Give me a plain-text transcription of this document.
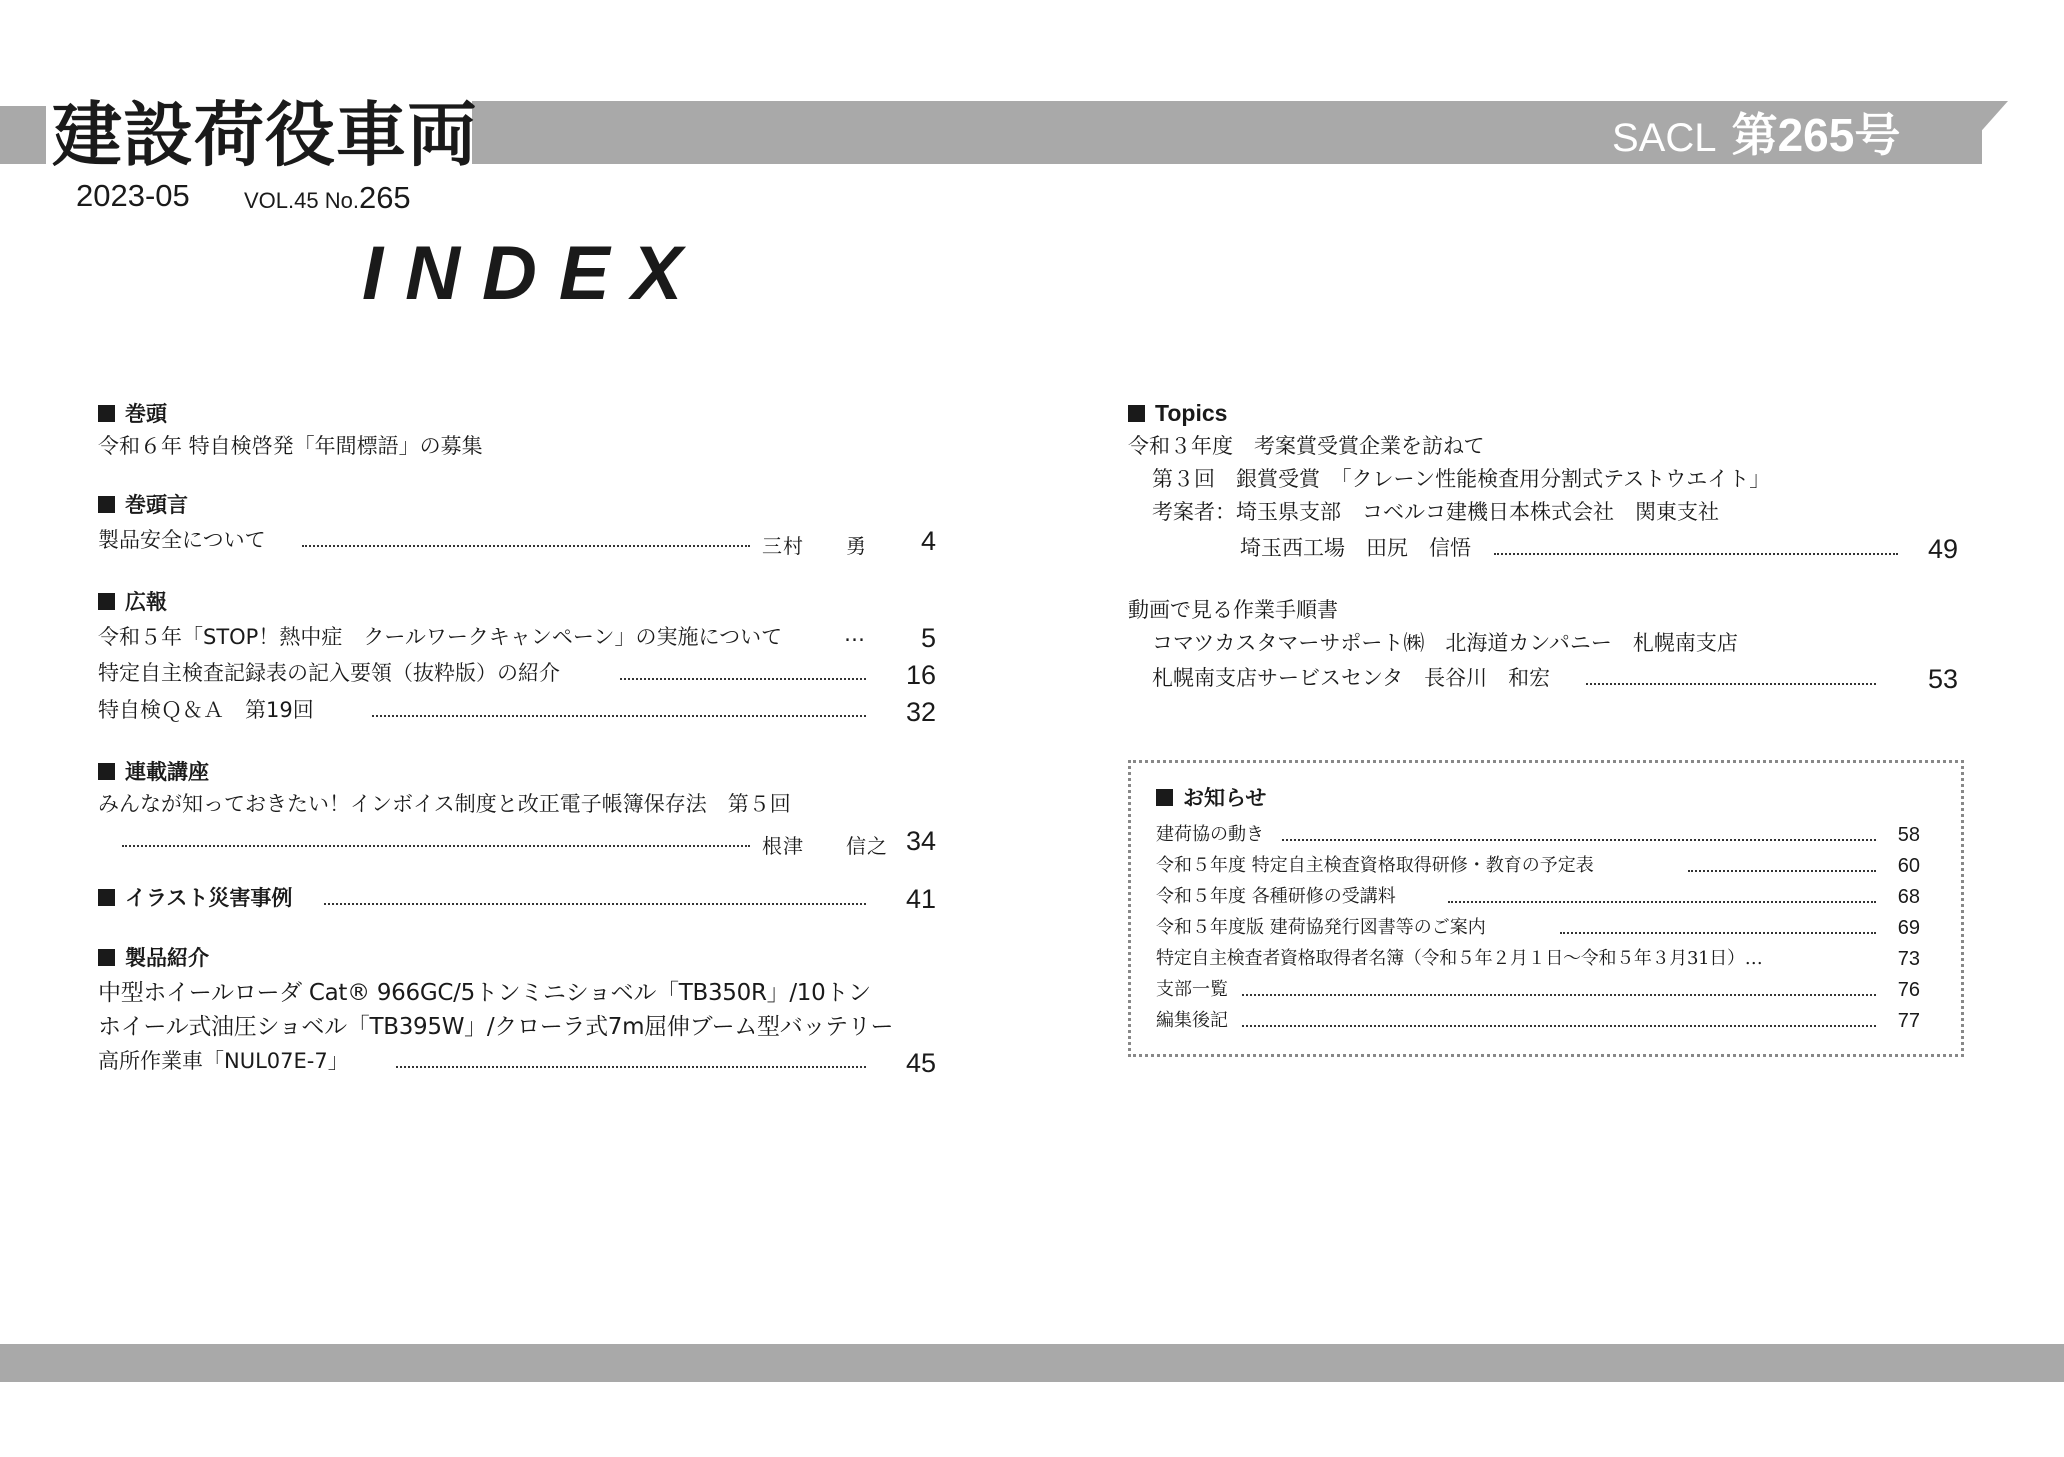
建設荷役車両	SACL 第265号
2023-05 VOL.45 No.265
INDEX
巻頭
令和６年 特自検啓発「年間標語」の募集
巻頭言
製品安全について	三村　　勇	4
広報
令和５年「STOP！熱中症　クールワークキャンペーン」の実施について	…	5
特定自主検査記録表の記入要領（抜粋版）の紹介	16
特自検Ｑ＆Ａ　第19回	32
連載講座
みんなが知っておきたい！インボイス制度と改正電子帳簿保存法　第５回
根津　　信之 34
イラスト災害事例	41
製品紹介
中型ホイールローダ Cat® 966GC/5トンミニショベル「TB350R」/10トン
ホイール式油圧ショベル「TB395W」/クローラ式7m屈伸ブーム型バッテリー
高所作業車「NUL07E-7」	45
Topics
令和３年度　考案賞受賞企業を訪ねて
第３回　銀賞受賞　「クレーン性能検査用分割式テストウエイト」
考案者：埼玉県支部　コベルコ建機日本株式会社　関東支社
埼玉西工場　田尻　信悟	49
動画で見る作業手順書
コマツカスタマーサポート㈱　北海道カンパニー　札幌南支店
札幌南支店サービスセンタ　長谷川　和宏	53
お知らせ
建荷協の動き	58
令和５年度 特定自主検査資格取得研修・教育の予定表	60
令和５年度 各種研修の受講料	68
令和５年度版 建荷協発行図書等のご案内	69
特定自主検査者資格取得者名簿（令和５年２月１日～令和５年３月31日）…	73
支部一覧	76
編集後記	77
